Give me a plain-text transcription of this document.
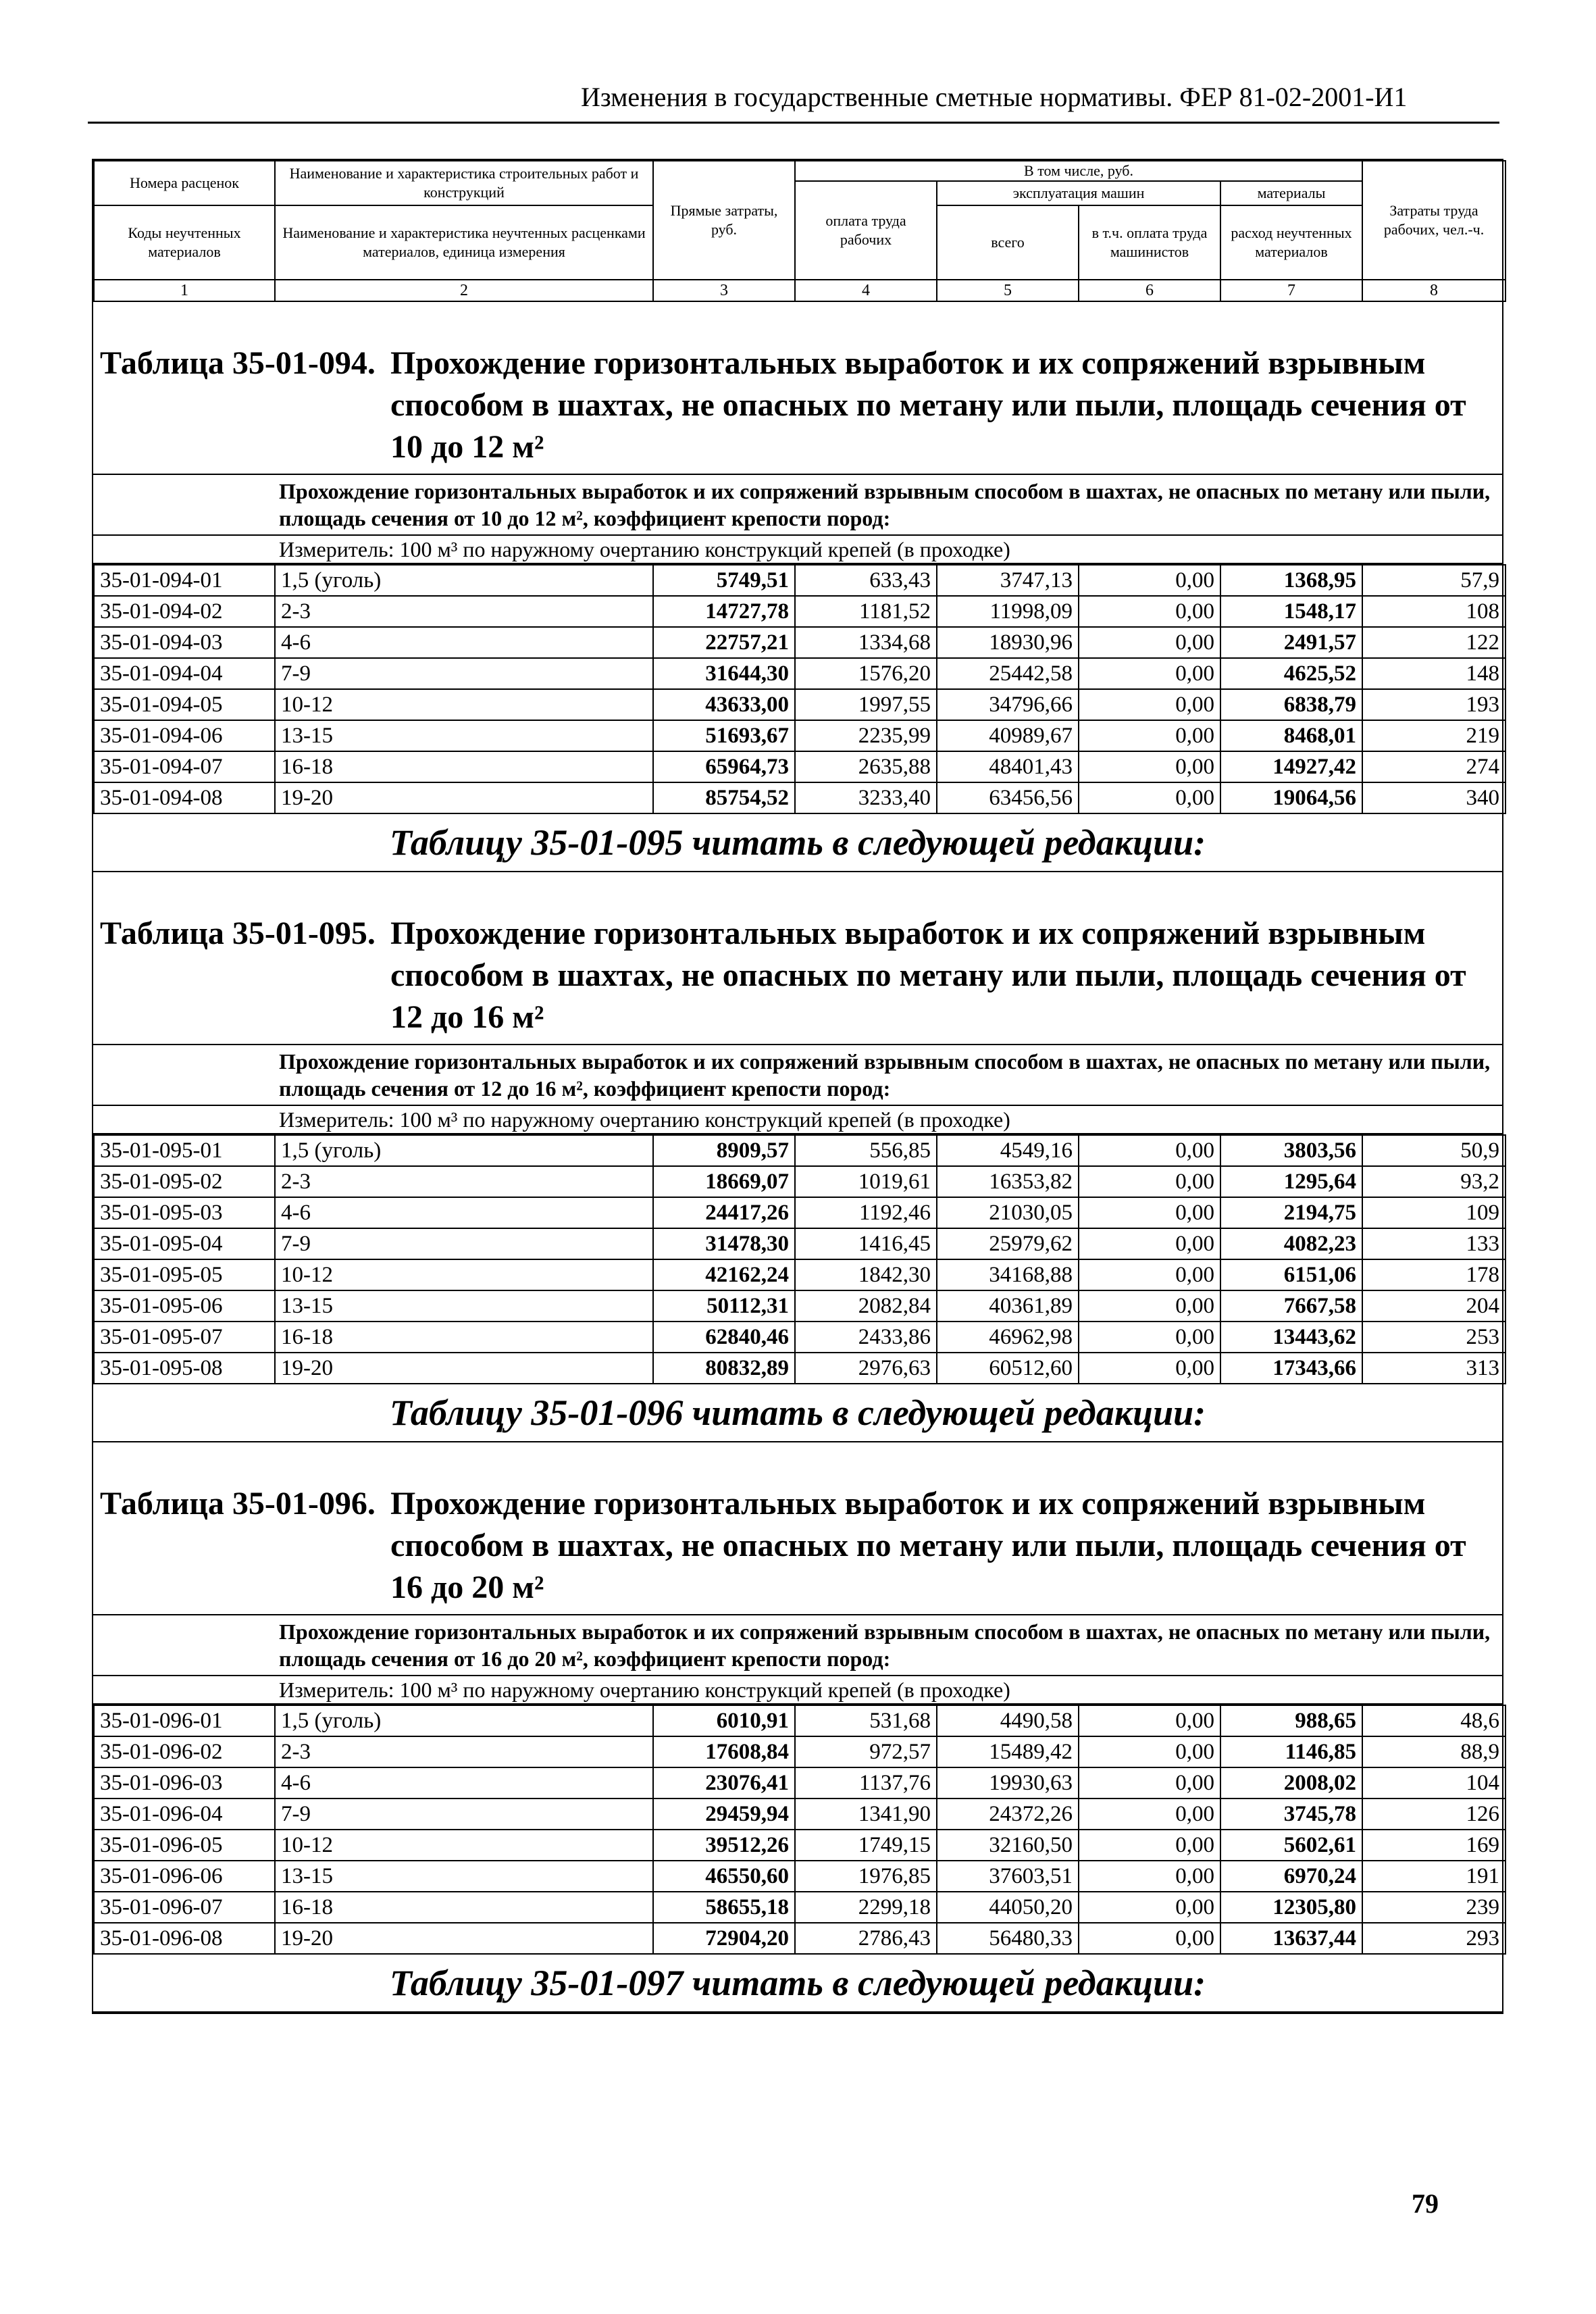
Изменения в государственные сметные нормативы. ФЕР 81-02-2001-И1
Номера расценок	Наименование и характеристика строительных работ и конструкций	Прямые затраты, руб.	В том числе, руб.				Затраты труда рабочих, чел.-ч.
			оплата труда рабочих	эксплуатация машин		материалы	
Коды неучтенных материалов	Наименование и характеристика неучтенных расценками материалов, единица измерения			всего	в т.ч. оплата труда машинистов	расход неучтенных материалов	

1	2	3	4	5	6	7	8
Таблица 35-01-094. Прохождение горизонтальных выработок и их сопряжений взрывным способом в шахтах, не опасных по метану или пыли, площадь сечения от 10 до 12 м²
Прохождение горизонтальных выработок и их сопряжений взрывным способом в шахтах, не опасных по метану или пыли, площадь сечения от 10 до 12 м², коэффициент крепости пород:
Измеритель: 100 м³ по наружному очертанию конструкций крепей (в проходке)
35-01-094-01	1,5 (уголь)	5749,51	633,43	3747,13	0,00	1368,95	57,9
35-01-094-02	2-3	14727,78	1181,52	11998,09	0,00	1548,17	108
35-01-094-03	4-6	22757,21	1334,68	18930,96	0,00	2491,57	122
35-01-094-04	7-9	31644,30	1576,20	25442,58	0,00	4625,52	148
35-01-094-05	10-12	43633,00	1997,55	34796,66	0,00	6838,79	193
35-01-094-06	13-15	51693,67	2235,99	40989,67	0,00	8468,01	219
35-01-094-07	16-18	65964,73	2635,88	48401,43	0,00	14927,42	274
35-01-094-08	19-20	85754,52	3233,40	63456,56	0,00	19064,56	340
Таблицу 35-01-095 читать в следующей редакции:
Таблица 35-01-095. Прохождение горизонтальных выработок и их сопряжений взрывным способом в шахтах, не опасных по метану или пыли, площадь сечения от 12 до 16 м²
Прохождение горизонтальных выработок и их сопряжений взрывным способом в шахтах, не опасных по метану или пыли, площадь сечения от 12 до 16 м², коэффициент крепости пород:
Измеритель: 100 м³ по наружному очертанию конструкций крепей (в проходке)
35-01-095-01	1,5 (уголь)	8909,57	556,85	4549,16	0,00	3803,56	50,9
35-01-095-02	2-3	18669,07	1019,61	16353,82	0,00	1295,64	93,2
35-01-095-03	4-6	24417,26	1192,46	21030,05	0,00	2194,75	109
35-01-095-04	7-9	31478,30	1416,45	25979,62	0,00	4082,23	133
35-01-095-05	10-12	42162,24	1842,30	34168,88	0,00	6151,06	178
35-01-095-06	13-15	50112,31	2082,84	40361,89	0,00	7667,58	204
35-01-095-07	16-18	62840,46	2433,86	46962,98	0,00	13443,62	253
35-01-095-08	19-20	80832,89	2976,63	60512,60	0,00	17343,66	313
Таблицу 35-01-096 читать в следующей редакции:
Таблица 35-01-096. Прохождение горизонтальных выработок и их сопряжений взрывным способом в шахтах, не опасных по метану или пыли, площадь сечения от 16 до 20 м²
Прохождение горизонтальных выработок и их сопряжений взрывным способом в шахтах, не опасных по метану или пыли, площадь сечения от 16 до 20 м², коэффициент крепости пород:
Измеритель: 100 м³ по наружному очертанию конструкций крепей (в проходке)
35-01-096-01	1,5 (уголь)	6010,91	531,68	4490,58	0,00	988,65	48,6
35-01-096-02	2-3	17608,84	972,57	15489,42	0,00	1146,85	88,9
35-01-096-03	4-6	23076,41	1137,76	19930,63	0,00	2008,02	104
35-01-096-04	7-9	29459,94	1341,90	24372,26	0,00	3745,78	126
35-01-096-05	10-12	39512,26	1749,15	32160,50	0,00	5602,61	169
35-01-096-06	13-15	46550,60	1976,85	37603,51	0,00	6970,24	191
35-01-096-07	16-18	58655,18	2299,18	44050,20	0,00	12305,80	239
35-01-096-08	19-20	72904,20	2786,43	56480,33	0,00	13637,44	293
Таблицу 35-01-097 читать в следующей редакции:
79
